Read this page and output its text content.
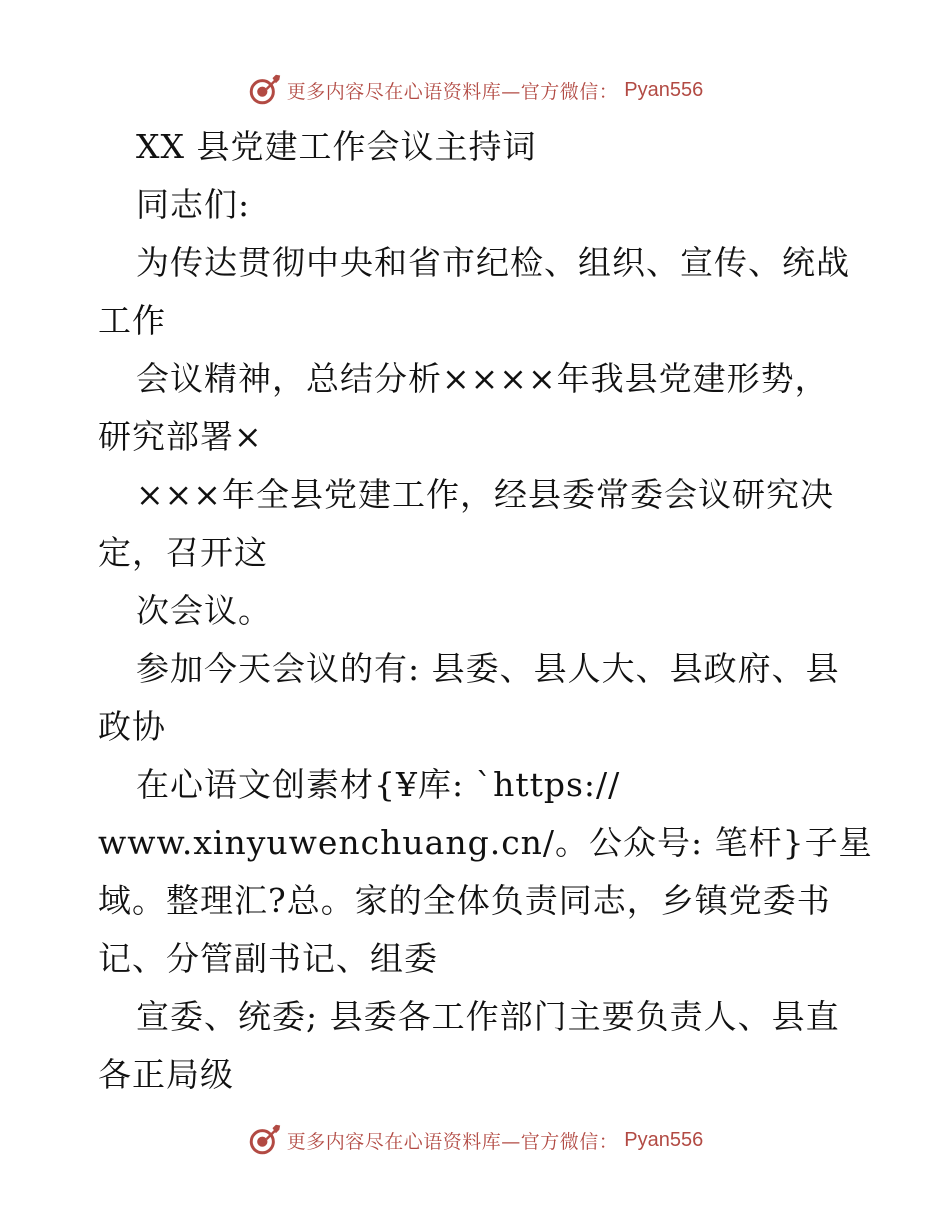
更多内容尽在心语资料库—官方微信： Pyan556
XX 县党建工作会议主持词
同志们:
为传达贯彻中央和省市纪检、组织、宣传、统战
工作
会议精神，总结分析××××年我县党建形势，
研究部署×
×××年全县党建工作，经县委常委会议研究决
定，召开这
次会议。
参加今天会议的有: 县委、县人大、县政府、县
政协
在心语文创素材{¥库: `https://
www.xinyuwenchuang.cn/。公众号: 笔杆}子星
域。整理汇?总。家的全体负责同志，乡镇党委书
记、分管副书记、组委
宣委、统委; 县委各工作部门主要负责人、县直
各正局级
更多内容尽在心语资料库—官方微信： Pyan556
